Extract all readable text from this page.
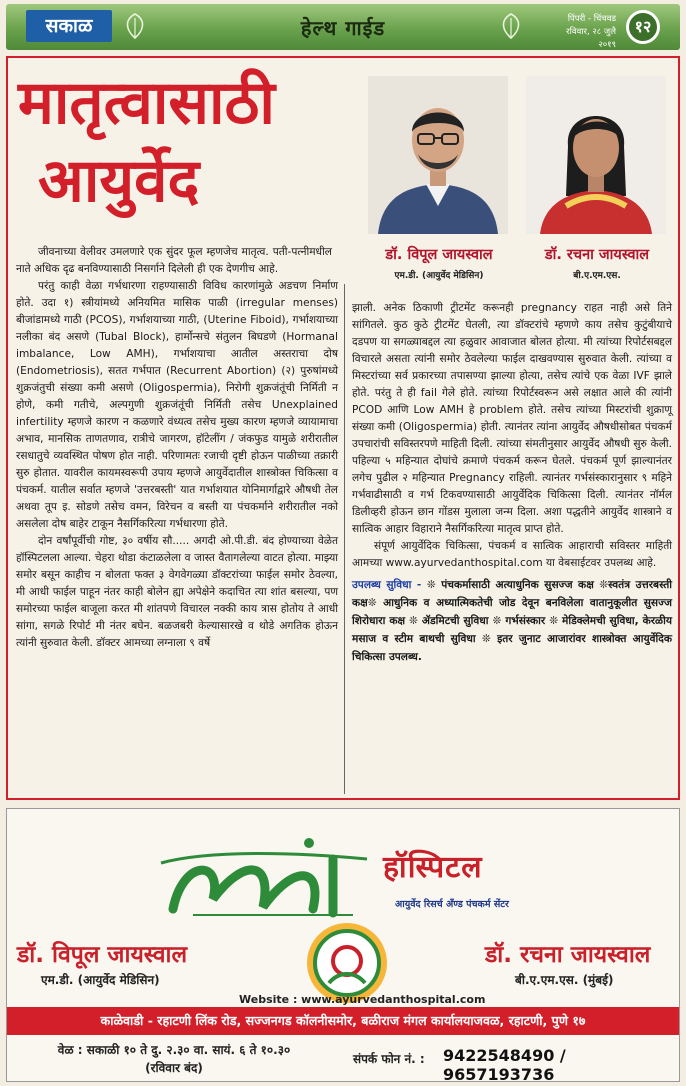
सकाळ	हेल्थ गाईड	पिंपरी - चिंचवड
रविवार, २८ जुलै २०१९
१२
मातृत्वासाठी
आयुर्वेद
डॉ. विपूल जायस्वाल
एम.डी. (आयुर्वेद मेडिसिन)
डॉ. रचना जायस्वाल
बी.ए.एम.एस.

जीवनाच्या वेलीवर उमलणारे एक सुंदर फूल म्हणजेच मातृत्व. पती-पत्नीमधील नाते अधिक दृढ बनविण्यासाठी निसर्गाने दिलेली ही एक देणगीच आहे.

परंतु काही वेळा गर्भधारणा राहण्यासाठी विविध कारणांमुळे अडचण निर्माण होते. उदा १) स्त्रीयांमध्ये अनियमित मासिक पाळी (irregular menses) बीजांडामध्ये गाठी (PCOS), गर्भाशयाच्या गाठी, (Uterine Fiboid), गर्भाशयाच्या नलीका बंद असणे (Tubal Block), हार्मोन्सचे संतुलन बिघडणे (Hormanal imbalance, Low AMH), गर्भाशयाचा आतील अस्तराचा दोष (Endometriosis), सतत गर्भपात (Recurrent Abortion) (२) पुरुषांमध्ये शुक्रजंतुची संख्या कमी असणे (Oligospermia), निरोगी शुक्रजंतूंची निर्मिती न होणे, कमी गतीचे, अल्पगुणी शुक्रजंतूंची निर्मिती तसेच Unexplained infertility म्हणजे कारण न कळणारे वंध्यत्व तसेच मुख्य कारण म्हणजे व्यायामाचा अभाव, मानसिक ताणतणाव, रात्रीचे जागरण, हॉटेलींग / जंकफुड यामुळे शरीरातील रसधातुचे व्यवस्थित पोषण होत नाही. परिणामतः रजाची दृष्टी होऊन पाळीच्या तक्रारी सुरु होतात. यावरील कायमस्वरूपी उपाय म्हणजे आयुर्वेदातील शास्त्रोक्त चिकित्सा व पंचकर्म. यातील सर्वात म्हणजे 'उत्तरबस्ती' यात गर्भाशयात योनिमार्गाद्वारे औषधी तेल अथवा तूप इ. सोडणे तसेच वमन, विरेचन व बस्ती या पंचकर्माने शरीरातील नको असलेला दोष बाहेर टाकून नैसर्गिकरित्या गर्भधारणा होते.

दोन वर्षांपूर्वीची गोष्ट, ३० वर्षीय सौ..... अगदी ओ.पी.डी. बंद होण्याच्या वेळेत हॉस्पिटलला आल्या. चेहरा थोडा कंटाळलेला व जास्त वैतागलेल्या वाटत होत्या. माझ्या समोर बसून काहीच न बोलता फक्त ३ वेगवेगळ्या डॉक्टरांच्या फाईल समोर ठेवल्या, मी आधी फाईल पाहून नंतर काही बोलेन ह्या अपेक्षेने कदाचित त्या शांत बसल्या, पण समोरच्या फाईल बाजूला करत मी शांतपणे विचारल नक्की काय त्रास होतोय ते आधी सांगा, सगळे रिपोर्ट मी नंतर बघेन. बळजबरी केल्यासारखे व थोडे अगतिक होऊन त्यांनी सुरुवात केली. डॉक्टर आमच्या लग्नाला ९ वर्षे

झाली. अनेक ठिकाणी ट्रीटमेंट करूनही pregnancy राहत नाही असे तिने सांगितले. कुठ कुठे ट्रीटमेंट घेतली, त्या डॉक्टरांचे म्हणणे काय तसेच कुटुंबीयाचे दडपण या सगळ्याबद्दल त्या हळुवार आवाजात बोलत होत्या. मी त्यांच्या रिपोर्टसबद्दल विचारले असता त्यांनी समोर ठेवलेल्या फाईल दाखवण्यास सुरुवात केली. त्यांच्या व मिस्टरांच्या सर्व प्रकारच्या तपासण्या झाल्या होत्या, तसेच त्यांचे एक वेळा IVF झाले होते. परंतु ते ही fail गेले होते. त्यांच्या रिपोर्टस्वरून असे लक्षात आले की त्यांनी PCOD आणि Low AMH हे problem होते. तसेच त्यांच्या मिस्टरांची शुक्राणू संख्या कमी (Oligospermia) होती. त्यानंतर त्यांना आयुर्वेद औषधीसोबत पंचकर्म उपचारांची सविस्तरपणे माहिती दिली. त्यांच्या संमतीनुसार आयुर्वेद औषधी सुरु केली. पहिल्या ५ महिन्यात दोघांचे क्रमाणे पंचकर्म करून घेतले. पंचकर्म पूर्ण झाल्यानंतर लगेच पुढील २ महिन्यात Pregnancy राहिली. त्यानंतर गर्भसंस्कारानुसार ९ महिने गर्भवाढीसाठी व गर्भ टिकवण्यासाठी आयुर्वेदिक चिकित्सा दिली. त्यानंतर नॉर्मल डिलीव्हरी होऊन छान गोंडस मुलाला जन्म दिला. अशा पद्धतीने आयुर्वेद शास्त्राने व सात्विक आहार विहाराने नैसर्गिकरित्या मातृत्व प्राप्त होते.

संपूर्ण आयुर्वेदिक चिकित्सा, पंचकर्म व सात्विक आहाराची सविस्तर माहिती आमच्या www.ayurvedanthospital.com या वेबसाईटवर उपलब्ध आहे.

उपलब्ध सुविधा - ❊ पंचकर्मासाठी अत्याधुनिक सुसज्ज कक्ष ❊स्वतंत्र उत्तरबस्ती कक्ष❊ आधुनिक व अध्यात्मिकतेची जोड देवून बनविलेला वातानुकूलीत सुसज्ज शिरोधारा कक्ष ❊ ॲडमिटची सुविधा ❊ गर्भसंस्कार ❊ मेडिक्लेमची सुविधा, केरळीय मसाज व स्टीम बाथची सुविधा ❊ इतर जुनाट आजारांवर शास्त्रोक्त आयुर्वेदिक चिकित्सा उपलब्ध.
हॉस्पिटल
आयुर्वेद रिसर्च अँण्ड पंचकर्म सेंटर
डॉ. विपूल जायस्वाल
एम.डी. (आयुर्वेद मेडिसिन)
डॉ. रचना जायस्वाल
बी.ए.एम.एस. (मुंबई)
Website : www.ayurvedanthospital.com
काळेवाडी - रहाटणी लिंक रोड, सज्जनगड कॉलनीसमोर, बळीराज मंगल कार्यालयाजवळ, रहाटणी, पुणे १७
वेळ : सकाळी १० ते दु. २.३० वा. सायं. ६ ते १०.३०
(रविवार बंद)
संपर्क फोन नं. : 9422548490 / 9657193736
